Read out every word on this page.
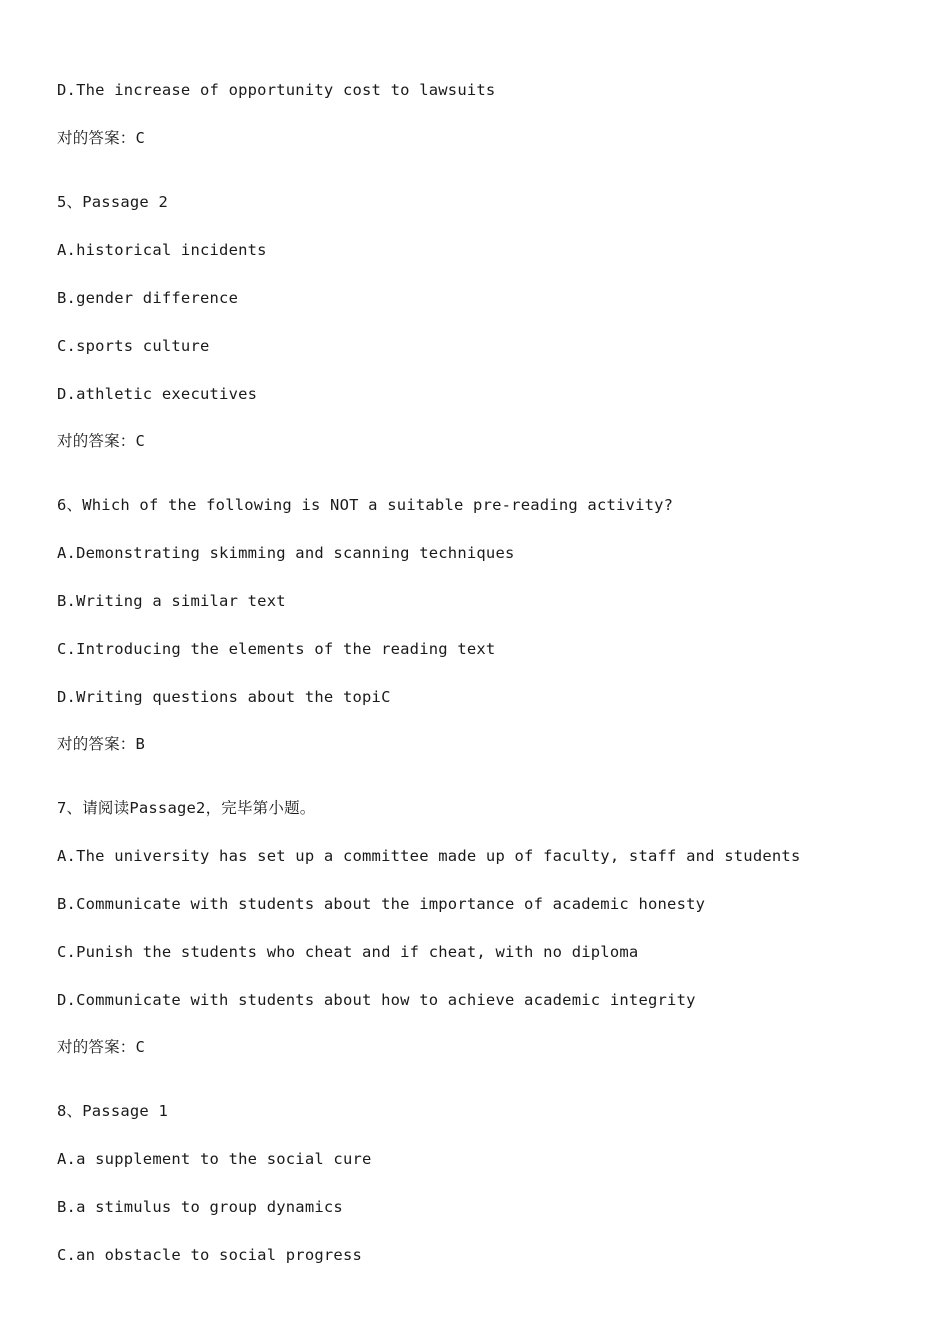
D.The increase of opportunity cost to lawsuits
对的答案：C
5、Passage 2
A.historical incidents
B.gender difference
C.sports culture
D.athletic executives
对的答案：C
6、Which of the following is NOT a suitable pre-reading activity?
A.Demonstrating skimming and scanning techniques
B.Writing a similar text
C.Introducing the elements of the reading text
D.Writing questions about the topiC
对的答案：B
7、请阅读Passage2，完毕第小题。
A.The university has set up a committee made up of faculty, staff and students
B.Communicate with students about the importance of academic honesty
C.Punish the students who cheat and if cheat, with no diploma
D.Communicate with students about how to achieve academic integrity
对的答案：C
8、Passage 1
A.a supplement to the social cure
B.a stimulus to group dynamics
C.an obstacle to social progress
